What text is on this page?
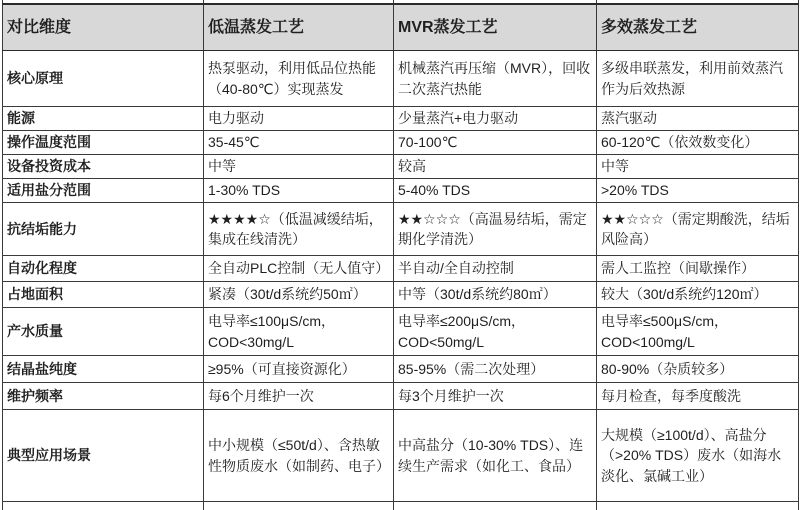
对比维度	低温蒸发工艺	MVR蒸发工艺	多效蒸发工艺
核心原理	热泵驱动，利用低品位热能（40-80℃）实现蒸发	机械蒸汽再压缩（MVR），回收二次蒸汽热能	多级串联蒸发，利用前效蒸汽作为后效热源
能源	电力驱动	少量蒸汽+电力驱动	蒸汽驱动
操作温度范围	35-45℃	70-100℃	60-120℃（依效数变化）
设备投资成本	中等	较高	中等
适用盐分范围	1-30% TDS	5-40% TDS	>20% TDS
抗结垢能力	★★★★☆（低温减缓结垢，集成在线清洗）	★★☆☆☆（高温易结垢，需定期化学清洗）	★★☆☆☆（需定期酸洗，结垢风险高）
自动化程度	全自动PLC控制（无人值守）	半自动/全自动控制	需人工监控（间歇操作）
占地面积	紧凑（30t/d系统约50㎡）	中等（30t/d系统约80㎡）	较大（30t/d系统约120㎡）
产水质量	电导率≤100μS/cm，COD<30mg/L	电导率≤200μS/cm，COD<50mg/L	电导率≤500μS/cm，COD<100mg/L
结晶盐纯度	≥95%（可直接资源化）	85-95%（需二次处理）	80-90%（杂质较多）
维护频率	每6个月维护一次	每3个月维护一次	每月检查，每季度酸洗
典型应用场景	中小规模（≤50t/d）、含热敏性物质废水（如制药、电子）	中高盐分（10-30% TDS）、连续生产需求（如化工、食品）	大规模（≥100t/d）、高盐分（>20% TDS）废水（如海水淡化、氯碱工业）
